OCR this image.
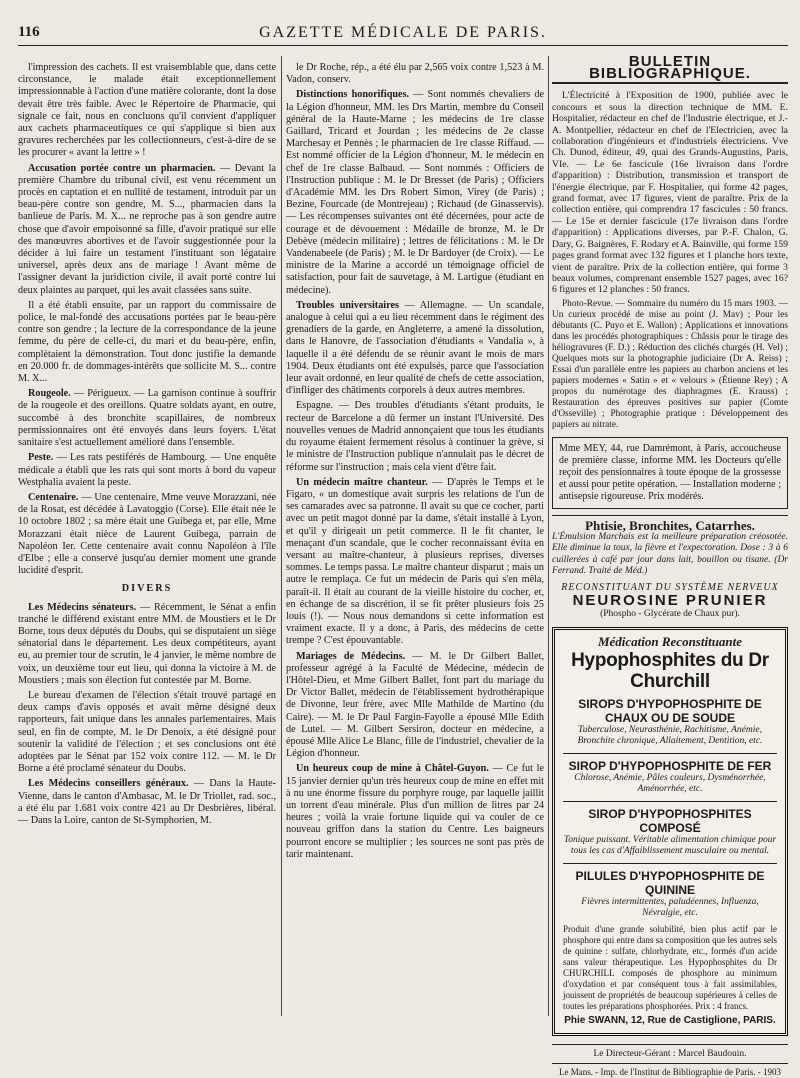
116	GAZETTE MÉDICALE DE PARIS.

l'impression des cachets. Il est vraisemblable que, dans cette circonstance, le malade était exceptionnellement impressionnable à l'action d'une matière colorante, dont la dose devait être très faible. Avec le Répertoire de Pharmacie, qui signale ce fait, nous en concluons qu'il convient d'appliquer aux cachets pharmaceutiques ce qui s'applique si bien aux gravures recherchées par les collectionneurs, c'est-à-dire de se les procurer « avant la lettre » !

Accusation portée contre un pharmacien. — Devant la première Chambre du tribunal civil, est venu récemment un procès en captation et en nullité de testament, introduit par un beau-père contre son gendre, M. S..., pharmacien dans la banlieue de Paris. M. X... ne reproche pas à son gendre autre chose que d'avoir empoisonné sa fille, d'avoir pratiqué sur elle des manœuvres abortives et de l'avoir suggestionnée pour la décider à lui faire un testament l'instituant son légataire universel, après deux ans de mariage ! Avant même de l'assigner devant la juridiction civile, il avait porté contre lui deux plaintes au parquet, qui les avait classées sans suite.

Il a été établi ensuite, par un rapport du commissaire de police, le mal-fondé des accusations portées par le beau-père contre son gendre ; la lecture de la correspondance de la jeune femme, du père de celle-ci, du mari et du beau-père, enfin, complètaient la démonstration. Tout donc justifie la demande en 20.000 fr. de dommages-intérêts que sollicite M. S... contre M. X...

Rougeole. — Périgueux. — La garnison continue à souffrir de la rougeole et des oreillons. Quatre soldats ayant, en outre, succombé à des bronchite scapillaires, de nombreux permissionnaires ont été envoyés dans leurs foyers. L'état sanitaire s'est actuellement amélioré dans l'ensemble.

Peste. — Les rats pestiférés de Hambourg. — Une enquête médicale a établi que les rats qui sont morts à bord du vapeur Westphalia avaient la peste.

Centenaire. — Une centenaire, Mme veuve Morazzani, née de la Rosat, est décédée à Lavatoggio (Corse). Elle était née le 10 octobre 1802 ; sa mère était une Guibega et, par elle, Mme Morazzani était nièce de Laurent Guibega, parrain de Napoléon Ier. Cette centenaire avait connu Napoléon à l'île d'Elbe ; elle a conservé jusqu'au dernier moment une grande lucidité d'esprit.

DIVERS

Les Médecins sénateurs. — Récemment, le Sénat a enfin tranché le différend existant entre MM. de Moustiers et le Dr Borne, tous deux députés du Doubs, qui se disputaient un siège sénatorial dans le département. Les deux compétiteurs, ayant eu, au premier tour de scrutin, le 4 janvier, le même nombre de voix, un deuxième tour eut lieu, qui donna la victoire à M. de Moustiers ; mais son élection fut contestée par M. Borne.

Le bureau d'examen de l'élection s'était trouvé partagé en deux camps d'avis opposés et avait même désigné deux rapporteurs, fait unique dans les annales parlementaires. Mais seul, en fin de compte, M. le Dr Denoix, a été désigné pour soutenir la validité de l'élection ; et ses conclusions ont été adoptées par le Sénat par 152 voix contre 112. — M. le Dr Borne a été proclamé sénateur du Doubs.

Les Médecins conseillers généraux. — Dans la Haute-Vienne, dans le canton d'Ambasac, M. le Dr Triollet, rad. soc., a été élu par 1.681 voix contre 421 au Dr Desbrières, libéral. — Dans la Loire, canton de St-Symphorien, M.

le Dr Roche, rép., a été élu par 2,565 voix contre 1,523 à M. Vadon, conserv.

Distinctions honorifiques. — Sont nommés chevaliers de la Légion d'honneur, MM. les Drs Martin, membre du Conseil général de la Haute-Marne ; les médecins de 1re classe Gaillard, Tricard et Jourdan ; les médecins de 2e classe Marchesay et Pennès ; le pharmacien de 1re classe Riffaud. — Est nommé officier de la Légion d'honneur, M. le médecin en chef de 1re classe Balbaud. — Sont nommés : Officiers de l'Instruction publique : M. le Dr Bresset (de Paris) ; Officiers d'Académie MM. les Drs Robert Simon, Virey (de Paris) ; Bezine, Fourcade (de Montrejeau) ; Richaud (de Ginasservis). — Les récompenses suivantes ont été décernées, pour acte de courage et de dévouement : Médaille de bronze, M. le Dr Debève (médecin militaire) ; lettres de félicitations : M. le Dr Vandenabeele (de Paris) ; M. le Dr Bardoyer (de Croix). — Le ministre de la Marine a accordé un témoignage officiel de satisfaction, pour fait de sauvetage, à M. Lartigue (étudiant en médecine).

Troubles universitaires — Allemagne. — Un scandale, analogue à celui qui a eu lieu récemment dans le régiment des grenadiers de la garde, en Angleterre, a amené la dissolution, dans le Hanovre, de l'association d'étudiants « Vandalia », à laquelle il a été défendu de se réunir avant le mois de mars 1904. Deux étudiants ont été expulsés, parce que l'association leur avait ordonné, en leur qualité de chefs de cette association, d'infliger des châtiments corporels à deux autres membres.

Espagne. — Des troubles d'étudiants s'étant produits, le recteur de Barcelone a dû fermer un instant l'Université. Des nouvelles venues de Madrid annonçaient que tous les étudiants du royaume étaient fermement résolus à continuer la grève, si le ministre de l'Instruction publique n'annulait pas le décret de réforme sur l'instruction ; mais cela vient d'être fait.

Un médecin maître chanteur. — D'après le Temps et le Figaro, « un domestique avait surpris les relations de l'un de ses camarades avec sa patronne. Il avait su que ce cocher, parti avec un petit magot donné par la dame, s'était installé à Lyon, et qu'il y dirigeait un petit commerce. Il le fit chanter, le menaçant d'un scandale, que le cocher reconnaissant évita en versant au maître-chanteur, à plusieurs reprises, diverses sommes. Le temps passa. Le maître chanteur disparut ; mais un autre le remplaça. Ce fut un médecin de Paris qui s'en mêla, paraît-il. Il était au courant de la vieille histoire du cocher, et, en échange de sa discrétion, il se fit prêter plusieurs fois 25 louis (!). — Nous nous demandons si cette information est vraiment exacte. Il y a donc, à Paris, des médecins de cette trempe ? C'est épouvantable.

Mariages de Médecins. — M. le Dr Gilbert Ballet, professeur agrégé à la Faculté de Médecine, médecin de l'Hôtel-Dieu, et Mme Gilbert Ballet, font part du mariage du Dr Victor Ballet, médecin de l'établissement hydrothérapique de Divonne, leur frère, avec Mlle Mathilde de Martino (du Caire). — M. le Dr Paul Fargin-Fayolle a épousé Mlle Edith de Lutel. — M. Gilbert Sersiron, docteur en médecine, a épousé Mlle Alice Le Blanc, fille de l'industriel, chevalier de la Légion d'honneur.

Un heureux coup de mine à Châtel-Guyon. — Ce fut le 15 janvier dernier qu'un très heureux coup de mine en effet mit à nu une énorme fissure du porphyre rouge, par laquelle jaillit un torrent d'eau minérale. Plus d'un million de litres par 24 heures ; voilà la vraie fortune liquide qui va couler de ce nouveau griffon dans la station du Centre. Les baigneurs pourront encore se multiplier ; les sources ne sont pas près de tarir maintenant.

BULLETIN BIBLIOGRAPHIQUE.

L'Électricité à l'Exposition de 1900, publiée avec le concours et sous la direction technique de MM. E. Hospitalier, rédacteur en chef de l'Industrie électrique, et J.-A. Montpellier, rédacteur en chef de l'Electricien, avec la collaboration d'ingénieurs et d'industriels électriciens. Vve Ch. Dunod, éditeur, 49, quai des Grands-Augustins, Paris, VIe. — Le 6e fascicule (16e livraison dans l'ordre d'apparition) : Distribution, transmission et transport de l'énergie électrique, par F. Hospitalier, qui forme 42 pages, grand format, avec 17 figures, vient de paraître. Prix de la collection entière, qui comprendra 17 fascicules : 50 francs. — Le 15e et dernier fascicule (17e livraison dans l'ordre d'apparition) : Applications diverses, par P.-F. Chalon, G. Dary, G. Baignères, F. Rodary et A. Bainville, qui forme 159 pages grand format avec 132 figures et 1 planche hors texte, vient de paraître. Prix de la collection entière, qui forme 3 beaux volumes, comprenant ensemble 1527 pages, avec 16?6 figures et 12 planches : 50 francs.

Photo-Revue. — Sommaire du numéro du 15 mars 1903. — Un curieux procédé de mise au point (J. Mav) ; Pour les débutants (C. Puyo et E. Wallon) ; Applications et innovations dans les procédés photographiques : Châssis pour le tirage des héliogravures (F. D.) ; Réduction des clichés chargés (H. Vel) ; Quelques mots sur la photographie judiciaire (Dr A. Reiss) ; Essai d'un parallèle entre les papiers au charbon anciens et les papiers modernes « Satin » et « velours » (Étienne Rey) ; A propos du numérotage des diaphragmes (E. Krauss) ; Restauration des épreuves positives sur papier (Comte d'Osseville) ; Photographie pratique : Développement des papiers au nitrate.

Mme MEY, 44, rue Damrémont, à Paris, accoucheuse de première classe, informe MM. les Docteurs qu'elle reçoit des pensionnaires à toute époque de la grossesse et aussi pour petite opération. — Installation moderne ; antisepsie rigoureuse. Prix modérés.
Phtisie, Bronchites, Catarrhes.
L'Émulsion Marchais est la meilleure préparation créosotée. Elle diminue la toux, la fièvre et l'expectoration. Dose : 3 à 6 cuillerées à café par jour dans lait, bouillon ou tisane. (Dr Ferrand. Traité de Méd.)
RECONSTITUANT DU SYSTÈME NERVEUX
NEUROSINE PRUNIER
(Phospho - Glycérate de Chaux pur).
Médication Reconstituante
Hypophosphites du Dr Churchill
SIROPS D'HYPOPHOSPHITE DE CHAUX OU DE SOUDE
Tuberculose, Neurasthénie, Rachitisme, Anémie, Bronchite chronique, Allaitement, Dentition, etc.
SIROP D'HYPOPHOSPHITE DE FER
Chlorose, Anémie, Pâles couleurs, Dysménorrhée, Aménorrhée, etc.
SIROP D'HYPOPHOSPHITES COMPOSÉ
Tonique puissant. Véritable alimentation chimique pour tous les cas d'Affaiblissement musculaire ou mental.
PILULES D'HYPOPHOSPHITE DE QUININE
Fièvres intermittentes, paludéennes, Influenza, Névralgie, etc.
Produit d'une grande solubilité, bien plus actif par le phosphore qui entre dans sa composition que les autres sels de quinine : sulfate, chlorhydrate, etc., formés d'un acide sans valeur thérapeutique. Les Hypophosphites du Dr CHURCHILL composés de phosphore au minimum d'oxydation et par conséquent tous à fait assimilables, jouissent de propriétés de beaucoup supérieures à celles de toutes les préparations phosphorées. Prix : 4 francs.
Phie SWANN, 12, Rue de Castiglione, PARIS.
Le Directeur-Gérant : Marcel Baudouin.
Le Mans. - Imp. de l'Institut de Bibliographie de Paris. - 1903
